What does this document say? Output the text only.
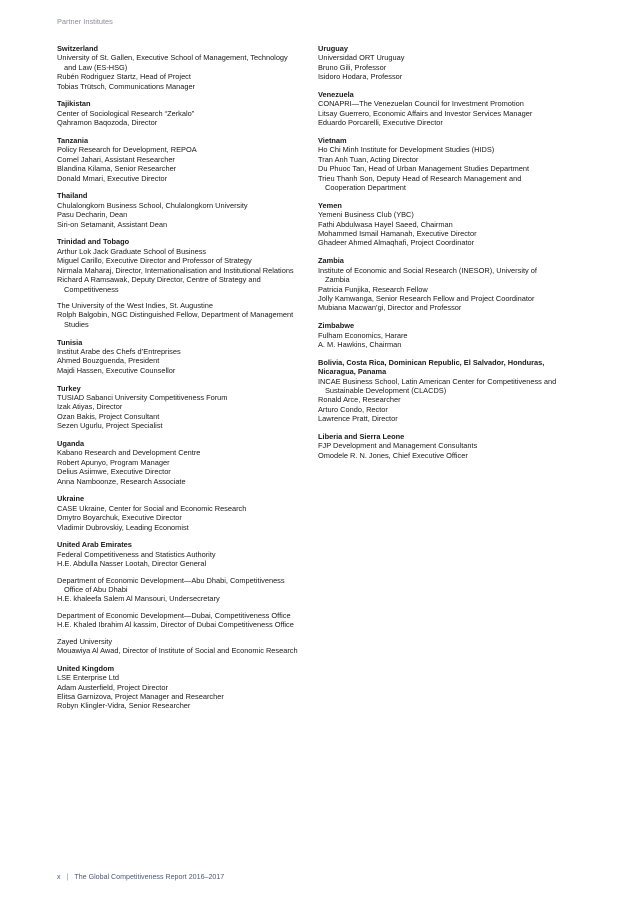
Partner Institutes
Switzerland
University of St. Gallen, Executive School of Management, Technology and Law (ES-HSG)
Rubén Rodriguez Startz, Head of Project
Tobias Trütsch, Communications Manager
Tajikistan
Center of Sociological Research “Zerkalo”
Qahramon Baqozoda, Director
Tanzania
Policy Research for Development, REPOA
Cornel Jahari, Assistant Researcher
Blandina Kilama, Senior Researcher
Donald Mmari, Executive Director
Thailand
Chulalongkorn Business School, Chulalongkorn University
Pasu Decharin, Dean
Siri-on Setamanit, Assistant Dean
Trinidad and Tobago
Arthur Lok Jack Graduate School of Business
Miguel Carillo, Executive Director and Professor of Strategy
Nirmala Maharaj, Director, Internationalisation and Institutional Relations
Richard A Ramsawak, Deputy Director, Centre of Strategy and Competitiveness
The University of the West Indies, St. Augustine
Rolph Balgobin, NGC Distinguished Fellow, Department of Management Studies
Tunisia
Institut Arabe des Chefs d’Entreprises
Ahmed Bouzguenda, President
Majdi Hassen, Executive Counsellor
Turkey
TUSIAD Sabanci University Competitiveness Forum
Izak Atiyas, Director
Ozan Bakis, Project Consultant
Sezen Ugurlu, Project Specialist
Uganda
Kabano Research and Development Centre
Robert Apunyo, Program Manager
Delius Asiimwe, Executive Director
Anna Namboonze, Research Associate
Ukraine
CASE Ukraine, Center for Social and Economic Research
Dmytro Boyarchuk, Executive Director
Vladimir Dubrovskiy, Leading Economist
United Arab Emirates
Federal Competitiveness and Statistics Authority
H.E. Abdulla Nasser Lootah, Director General
Department of Economic Development—Abu Dhabi, Competitiveness Office of Abu Dhabi
H.E. khaleefa Salem Al Mansouri, Undersecretary
Department of Economic Development—Dubai, Competitiveness Office
H.E. Khaled Ibrahim Al kassim, Director of Dubai Competitiveness Office
Zayed University
Mouawiya Al Awad, Director of Institute of Social and Economic Research
United Kingdom
LSE Enterprise Ltd
Adam Austerfield, Project Director
Elitsa Garnizova, Project Manager and Researcher
Robyn Klingler-Vidra, Senior Researcher
Uruguay
Universidad ORT Uruguay
Bruno Gili, Professor
Isidoro Hodara, Professor
Venezuela
CONAPRI—The Venezuelan Council for Investment Promotion
Litsay Guerrero, Economic Affairs and Investor Services Manager
Eduardo Porcarelli, Executive Director
Vietnam
Ho Chi Minh Institute for Development Studies (HIDS)
Tran Anh Tuan, Acting Director
Du Phuoc Tan, Head of Urban Management Studies Department
Trieu Thanh Son, Deputy Head of Research Management and Cooperation Department
Yemen
Yemeni Business Club (YBC)
Fathi Abdulwasa Hayel Saeed, Chairman
Mohammed Ismail Hamanah, Executive Director
Ghadeer Ahmed Almaqhafi, Project Coordinator
Zambia
Institute of Economic and Social Research (INESOR), University of Zambia
Patricia Funjika, Research Fellow
Jolly Kamwanga, Senior Research Fellow and Project Coordinator
Mubiana Macwan’gi, Director and Professor
Zimbabwe
Fulham Economics, Harare
A. M. Hawkins, Chairman
Bolivia, Costa Rica, Dominican Republic, El Salvador, Honduras, Nicaragua, Panama
INCAE Business School, Latin American Center for Competitiveness and Sustainable Development (CLACDS)
Ronald Arce, Researcher
Arturo Condo, Rector
Lawrence Pratt, Director
Liberia and Sierra Leone
FJP Development and Management Consultants
Omodele R. N. Jones, Chief Executive Officer
x | The Global Competitiveness Report 2016–2017
